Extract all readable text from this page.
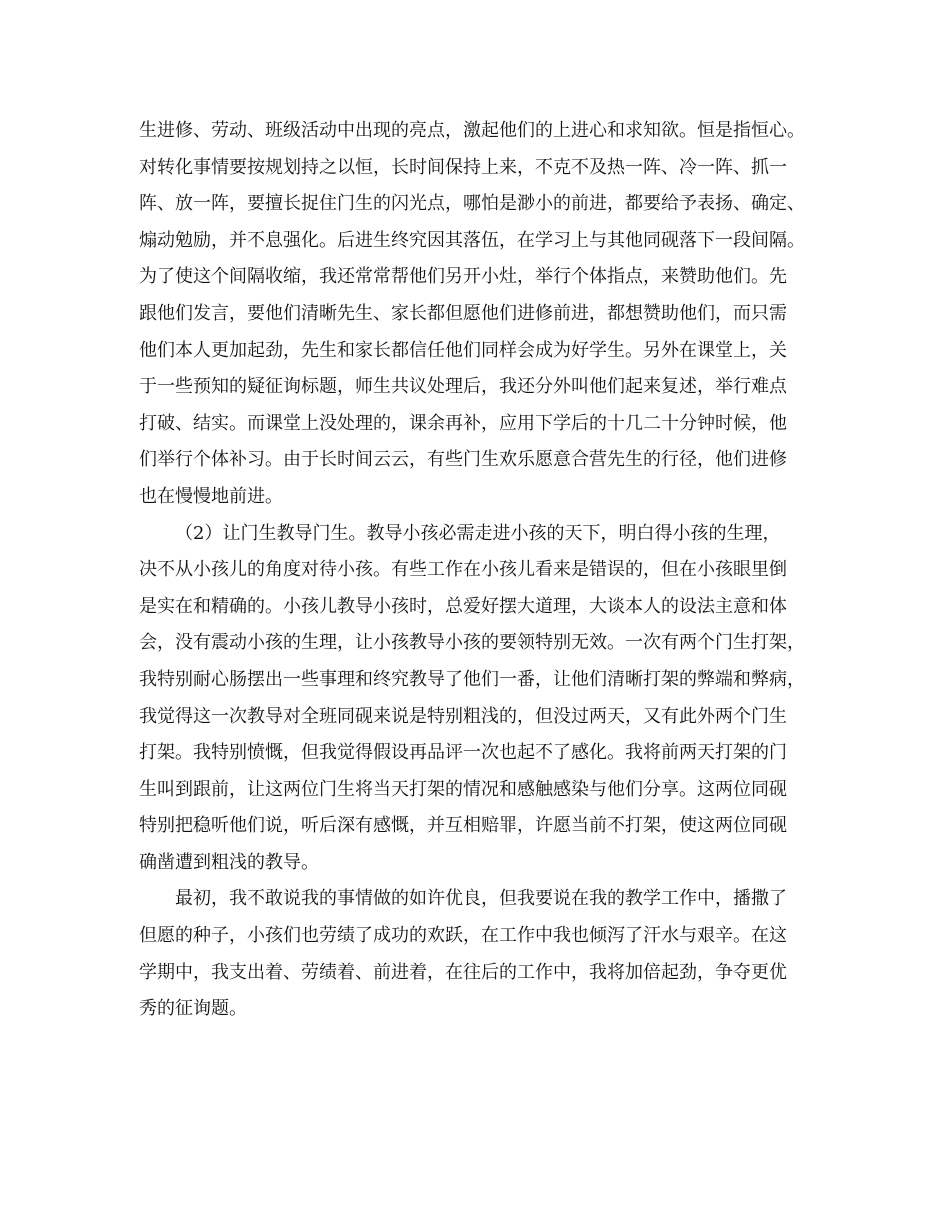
生进修、劳动、班级活动中出现的亮点，激起他们的上进心和求知欲。恒是指恒心。
对转化事情要按规划持之以恒，长时间保持上来，不克不及热一阵、冷一阵、抓一
阵、放一阵，要擅长捉住门生的闪光点，哪怕是渺小的前进，都要给予表扬、确定、
煽动勉励，并不息强化。后进生终究因其落伍，在学习上与其他同砚落下一段间隔。
为了使这个间隔收缩，我还常常帮他们另开小灶，举行个体指点，来赞助他们。先
跟他们发言，要他们清晰先生、家长都但愿他们进修前进，都想赞助他们，而只需
他们本人更加起劲，先生和家长都信任他们同样会成为好学生。另外在课堂上，关
于一些预知的疑征询标题，师生共议处理后，我还分外叫他们起来复述，举行难点
打破、结实。而课堂上没处理的，课余再补，应用下学后的十几二十分钟时候，他
们举行个体补习。由于长时间云云，有些门生欢乐愿意合营先生的行径，他们进修
也在慢慢地前进。
（2）让门生教导门生。教导小孩必需走进小孩的天下，明白得小孩的生理，
决不从小孩儿的角度对待小孩。有些工作在小孩儿看来是错误的，但在小孩眼里倒
是实在和精确的。小孩儿教导小孩时，总爱好摆大道理，大谈本人的设法主意和体
会，没有震动小孩的生理，让小孩教导小孩的要领特别无效。一次有两个门生打架，
我特别耐心肠摆出一些事理和终究教导了他们一番，让他们清晰打架的弊端和弊病，
我觉得这一次教导对全班同砚来说是特别粗浅的，但没过两天，又有此外两个门生
打架。我特别愤慨，但我觉得假设再品评一次也起不了感化。我将前两天打架的门
生叫到跟前，让这两位门生将当天打架的情况和感触感染与他们分享。这两位同砚
特别把稳听他们说，听后深有感慨，并互相赔罪，许愿当前不打架，使这两位同砚
确凿遭到粗浅的教导。
最初，我不敢说我的事情做的如许优良，但我要说在我的教学工作中，播撒了
但愿的种子，小孩们也劳绩了成功的欢跃，在工作中我也倾泻了汗水与艰辛。在这
学期中，我支出着、劳绩着、前进着，在往后的工作中，我将加倍起劲，争夺更优
秀的征询题。
